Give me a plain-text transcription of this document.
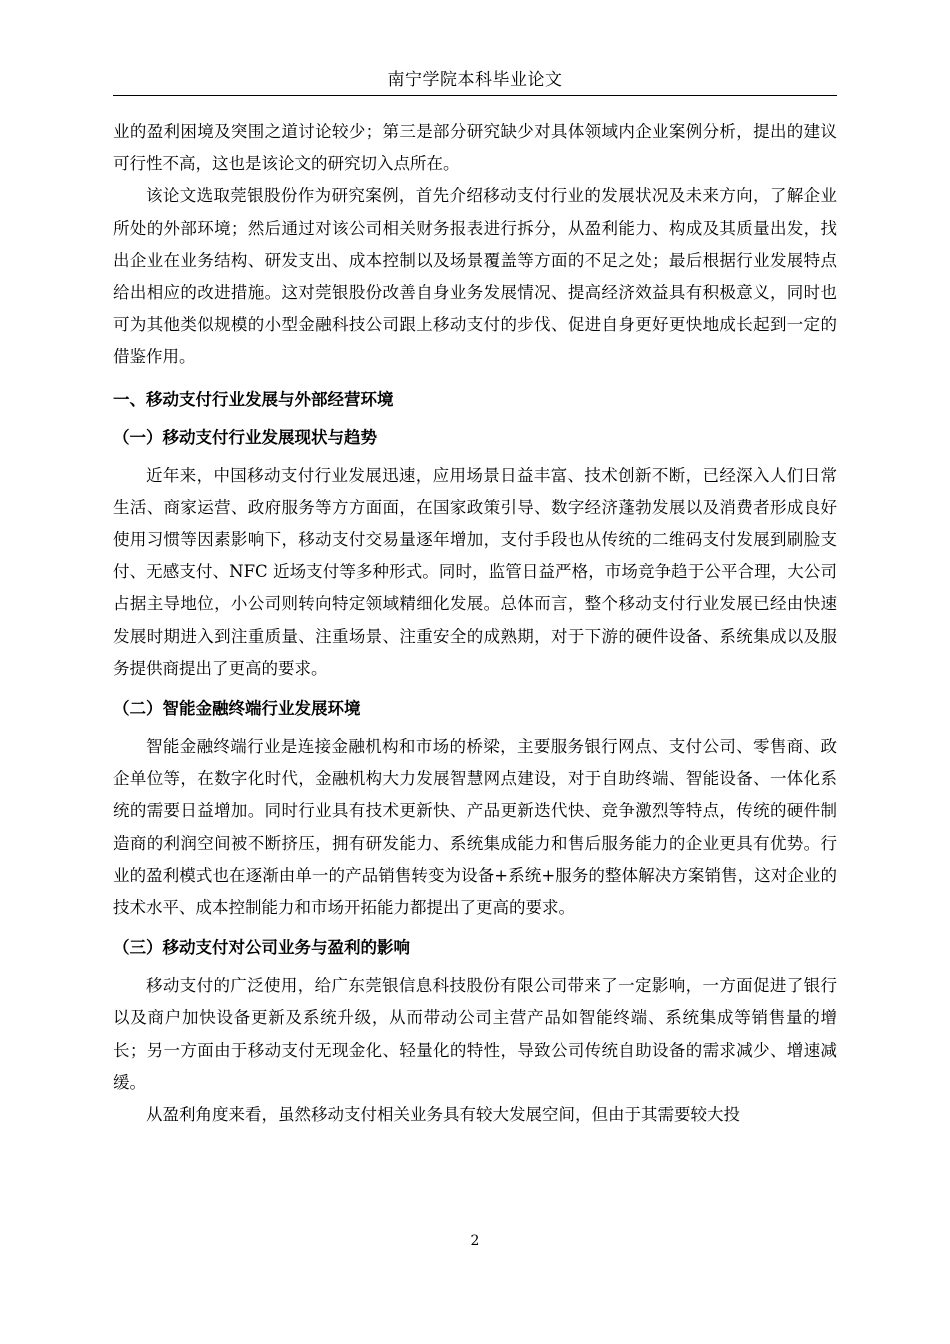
南宁学院本科毕业论文

业的盈利困境及突围之道讨论较少；第三是部分研究缺少对具体领域内企业案例分析，提出的建议可行性不高，这也是该论文的研究切入点所在。

该论文选取莞银股份作为研究案例，首先介绍移动支付行业的发展状况及未来方向，了解企业所处的外部环境；然后通过对该公司相关财务报表进行拆分，从盈利能力、构成及其质量出发，找出企业在业务结构、研发支出、成本控制以及场景覆盖等方面的不足之处；最后根据行业发展特点给出相应的改进措施。这对莞银股份改善自身业务发展情况、提高经济效益具有积极意义，同时也可为其他类似规模的小型金融科技公司跟上移动支付的步伐、促进自身更好更快地成长起到一定的借鉴作用。

一、移动支付行业发展与外部经营环境
（一）移动支付行业发展现状与趋势

近年来，中国移动支付行业发展迅速，应用场景日益丰富、技术创新不断，已经深入人们日常生活、商家运营、政府服务等方方面面，在国家政策引导、数字经济蓬勃发展以及消费者形成良好使用习惯等因素影响下，移动支付交易量逐年增加，支付手段也从传统的二维码支付发展到刷脸支付、无感支付、NFC 近场支付等多种形式。同时，监管日益严格，市场竞争趋于公平合理，大公司占据主导地位，小公司则转向特定领域精细化发展。总体而言，整个移动支付行业发展已经由快速发展时期进入到注重质量、注重场景、注重安全的成熟期，对于下游的硬件设备、系统集成以及服务提供商提出了更高的要求。

（二）智能金融终端行业发展环境

智能金融终端行业是连接金融机构和市场的桥梁，主要服务银行网点、支付公司、零售商、政企单位等，在数字化时代，金融机构大力发展智慧网点建设，对于自助终端、智能设备、一体化系统的需要日益增加。同时行业具有技术更新快、产品更新迭代快、竞争激烈等特点，传统的硬件制造商的利润空间被不断挤压，拥有研发能力、系统集成能力和售后服务能力的企业更具有优势。行业的盈利模式也在逐渐由单一的产品销售转变为设备+系统+服务的整体解决方案销售，这对企业的技术水平、成本控制能力和市场开拓能力都提出了更高的要求。

（三）移动支付对公司业务与盈利的影响

移动支付的广泛使用，给广东莞银信息科技股份有限公司带来了一定影响，一方面促进了银行以及商户加快设备更新及系统升级，从而带动公司主营产品如智能终端、系统集成等销售量的增长；另一方面由于移动支付无现金化、轻量化的特性，导致公司传统自助设备的需求减少、增速减缓。

从盈利角度来看，虽然移动支付相关业务具有较大发展空间，但由于其需要较大投

2
